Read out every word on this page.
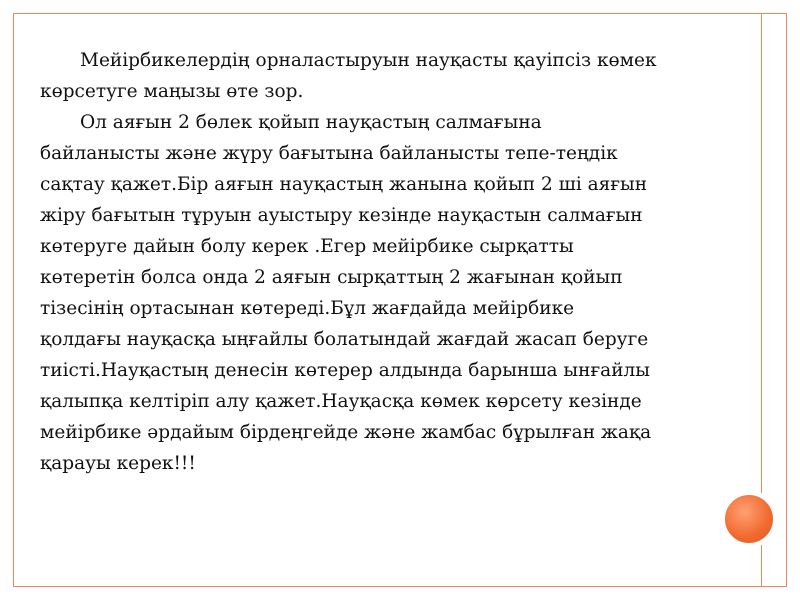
Мейірбикелердің орналастыруын науқасты қауіпсіз көмек
көрсетуге маңызы өте зор.
Ол аяғын 2 бөлек қойып науқастың салмағына
байланысты және жүру бағытына байланысты тепе-теңдік
сақтау қажет.Бір аяғын науқастың жанына қойып 2 ші аяғын
жіру бағытын тұруын ауыстыру кезінде науқастын салмағын
көтеруге дайын болу керек .Егер мейірбике сырқатты
көтеретін болса онда 2 аяғын сырқаттың 2 жағынан қойып
тізесінің ортасынан көтереді.Бұл жағдайда мейірбике
қолдағы науқасқа ыңғайлы болатындай жағдай жасап беруге
тиісті.Науқастың денесін көтерер алдында барынша ынғайлы
қалыпқа келтіріп алу қажет.Науқасқа көмек көрсету кезінде
мейірбике әрдайым бірдеңгейде және жамбас бұрылған жақа
қарауы керек!!!
